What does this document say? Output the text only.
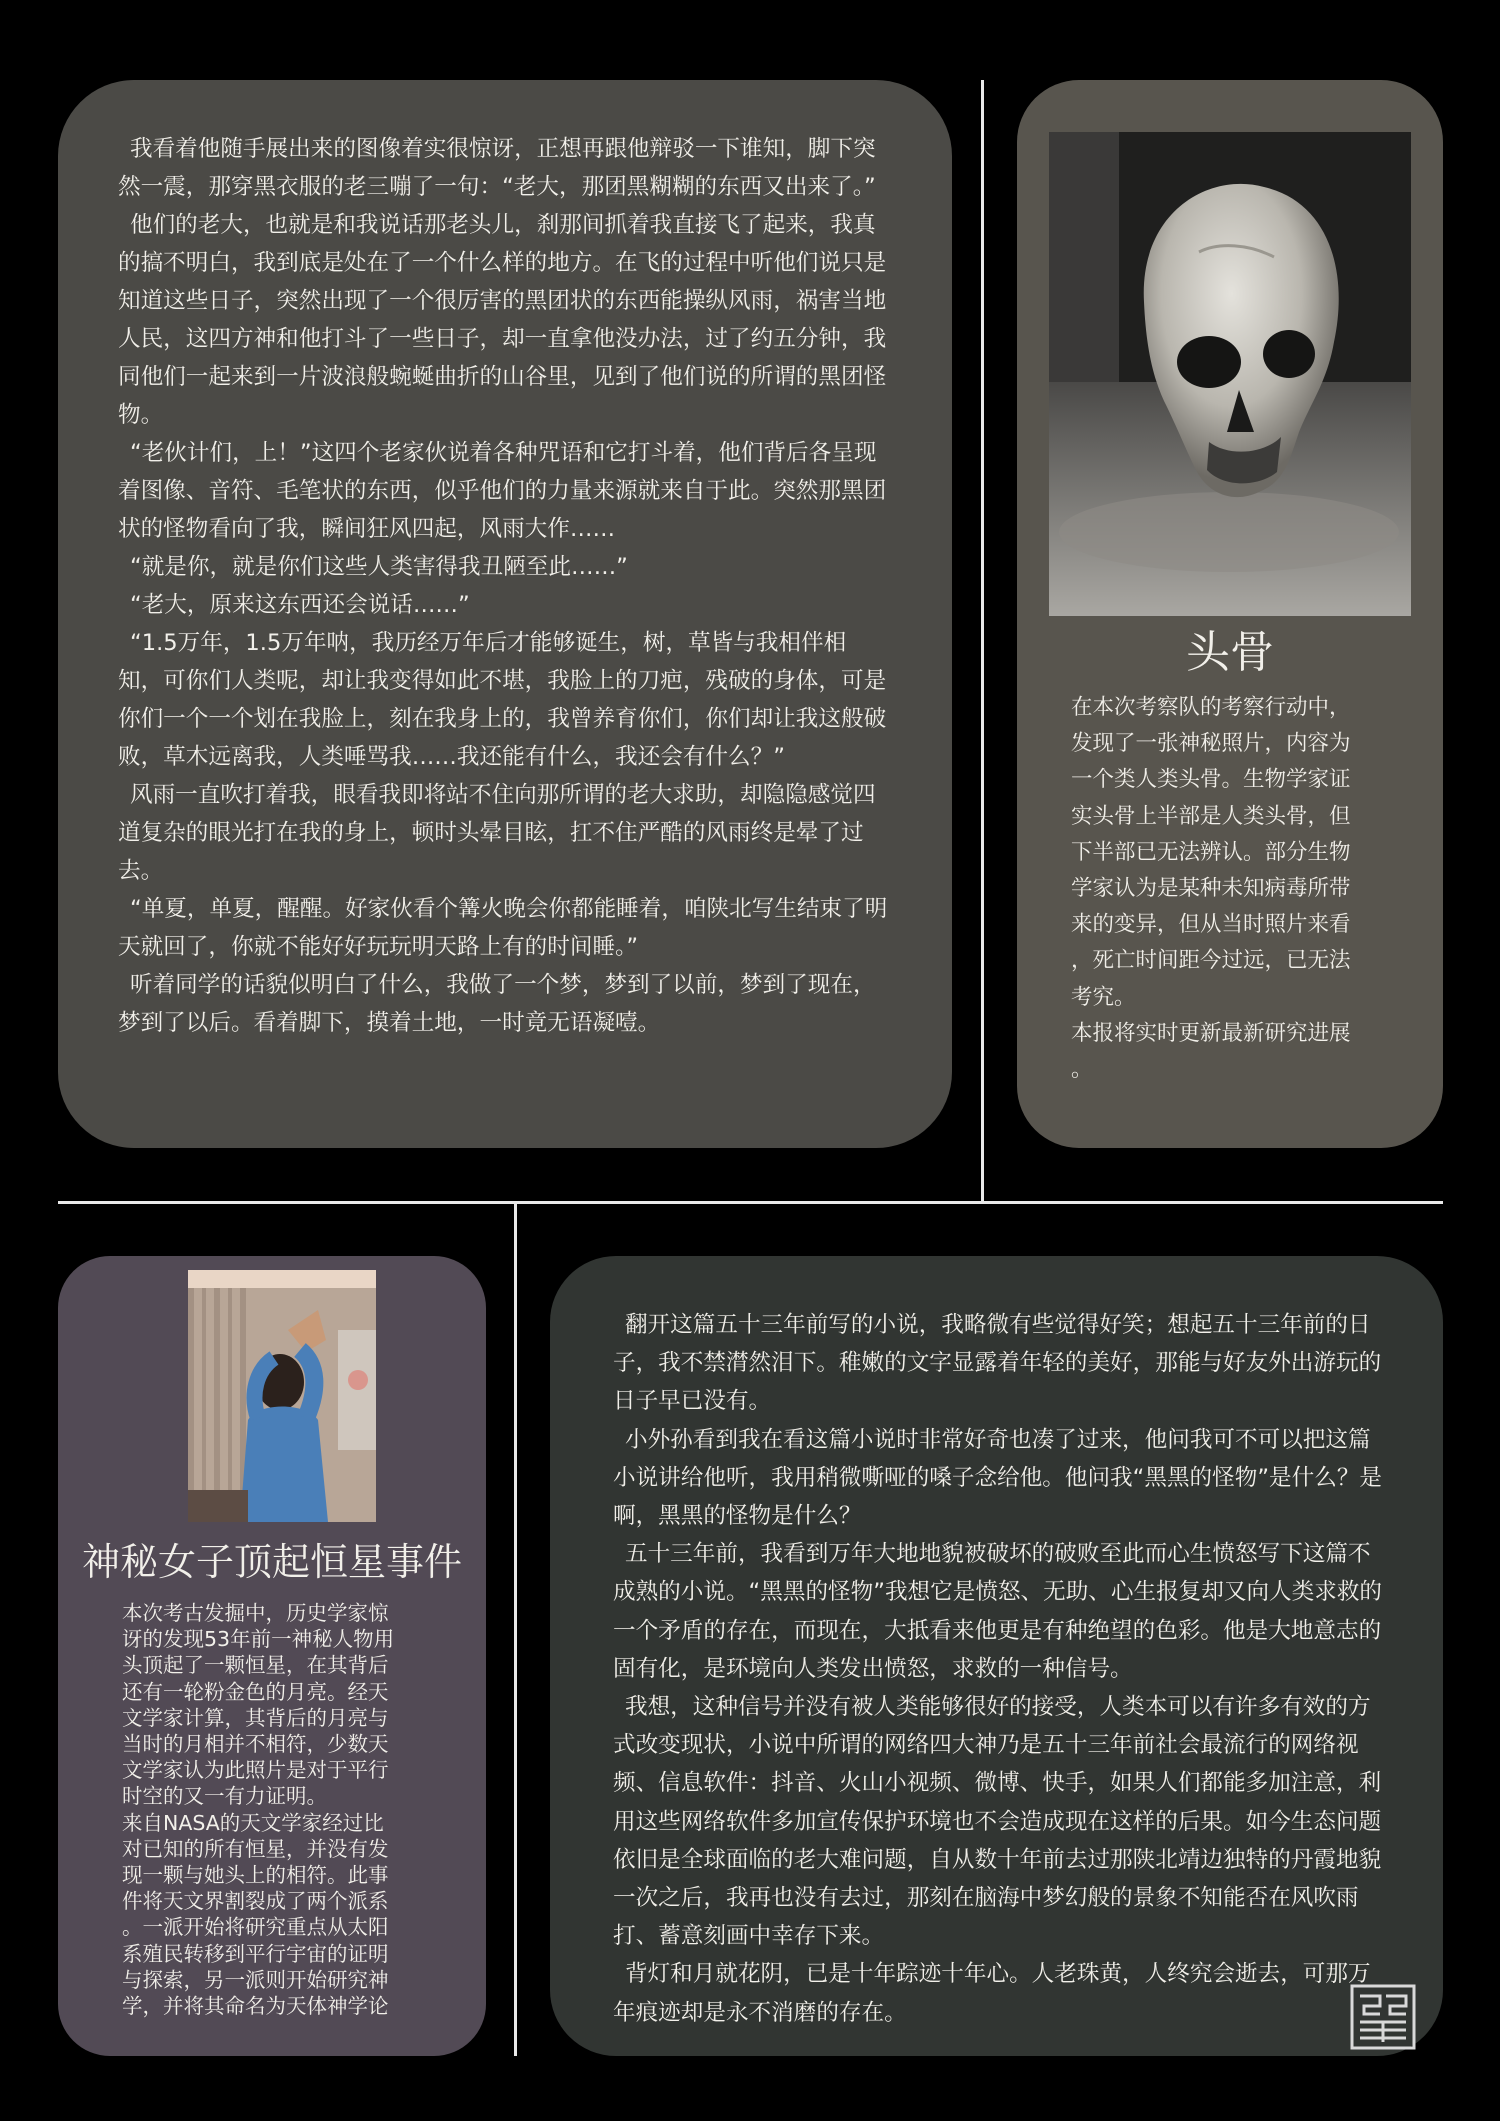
我看着他随手展出来的图像着实很惊讶，正想再跟他辩驳一下谁知，脚下突然一震，那穿黑衣服的老三嘣了一句：“老大，那团黑糊糊的东西又出来了。”

他们的老大，也就是和我说话那老头儿，刹那间抓着我直接飞了起来，我真的搞不明白，我到底是处在了一个什么样的地方。在飞的过程中听他们说只是知道这些日子，突然出现了一个很厉害的黑团状的东西能操纵风雨，祸害当地人民，这四方神和他打斗了一些日子，却一直拿他没办法，过了约五分钟，我同他们一起来到一片波浪般蜿蜒曲折的山谷里，见到了他们说的所谓的黑团怪物。

“老伙计们，上！”这四个老家伙说着各种咒语和它打斗着，他们背后各呈现着图像、音符、毛笔状的东西，似乎他们的力量来源就来自于此。突然那黑团状的怪物看向了我，瞬间狂风四起，风雨大作……

“就是你，就是你们这些人类害得我丑陋至此……”

“老大，原来这东西还会说话……”

“1.5万年，1.5万年呐，我历经万年后才能够诞生，树，草皆与我相伴相知，可你们人类呢，却让我变得如此不堪，我脸上的刀疤，残破的身体，可是你们一个一个划在我脸上，刻在我身上的，我曾养育你们，你们却让我这般破败，草木远离我，人类唾骂我……我还能有什么，我还会有什么？”

风雨一直吹打着我，眼看我即将站不住向那所谓的老大求助，却隐隐感觉四道复杂的眼光打在我的身上，顿时头晕目眩，扛不住严酷的风雨终是晕了过去。

“单夏，单夏，醒醒。好家伙看个篝火晚会你都能睡着，咱陕北写生结束了明天就回了，你就不能好好玩玩明天路上有的时间睡。”

听着同学的话貌似明白了什么，我做了一个梦，梦到了以前，梦到了现在，梦到了以后。看着脚下，摸着土地，一时竟无语凝噎。

头骨
在本次考察队的考察行动中，
发现了一张神秘照片，内容为
一个类人类头骨。生物学家证
实头骨上半部是人类头骨，但
下半部已无法辨认。部分生物
学家认为是某种未知病毒所带
来的变异，但从当时照片来看
，死亡时间距今过远，已无法
考究。
本报将实时更新最新研究进展
。
神秘女子顶起恒星事件
本次考古发掘中，历史学家惊
讶的发现53年前一神秘人物用
头顶起了一颗恒星，在其背后
还有一轮粉金色的月亮。经天
文学家计算，其背后的月亮与
当时的月相并不相符，少数天
文学家认为此照片是对于平行
时空的又一有力证明。
来自NASA的天文学家经过比
对已知的所有恒星，并没有发
现一颗与她头上的相符。此事
件将天文界割裂成了两个派系
。一派开始将研究重点从太阳
系殖民转移到平行宇宙的证明
与探索，另一派则开始研究神
学，并将其命名为天体神学论

翻开这篇五十三年前写的小说，我略微有些觉得好笑；想起五十三年前的日子，我不禁潸然泪下。稚嫩的文字显露着年轻的美好，那能与好友外出游玩的日子早已没有。

小外孙看到我在看这篇小说时非常好奇也凑了过来，他问我可不可以把这篇小说讲给他听，我用稍微嘶哑的嗓子念给他。他问我“黑黑的怪物”是什么？是啊，黑黑的怪物是什么？

五十三年前，我看到万年大地地貌被破坏的破败至此而心生愤怒写下这篇不成熟的小说。“黑黑的怪物”我想它是愤怒、无助、心生报复却又向人类求救的一个矛盾的存在，而现在，大抵看来他更是有种绝望的色彩。他是大地意志的固有化，是环境向人类发出愤怒，求救的一种信号。

我想，这种信号并没有被人类能够很好的接受，人类本可以有许多有效的方式改变现状，小说中所谓的网络四大神乃是五十三年前社会最流行的网络视频、信息软件：抖音、火山小视频、微博、快手，如果人们都能多加注意，利用这些网络软件多加宣传保护环境也不会造成现在这样的后果。如今生态问题依旧是全球面临的老大难问题，自从数十年前去过那陕北靖边独特的丹霞地貌一次之后，我再也没有去过，那刻在脑海中梦幻般的景象不知能否在风吹雨打、蓄意刻画中幸存下来。

背灯和月就花阴，已是十年踪迹十年心。人老珠黄，人终究会逝去，可那万年痕迹却是永不消磨的存在。
